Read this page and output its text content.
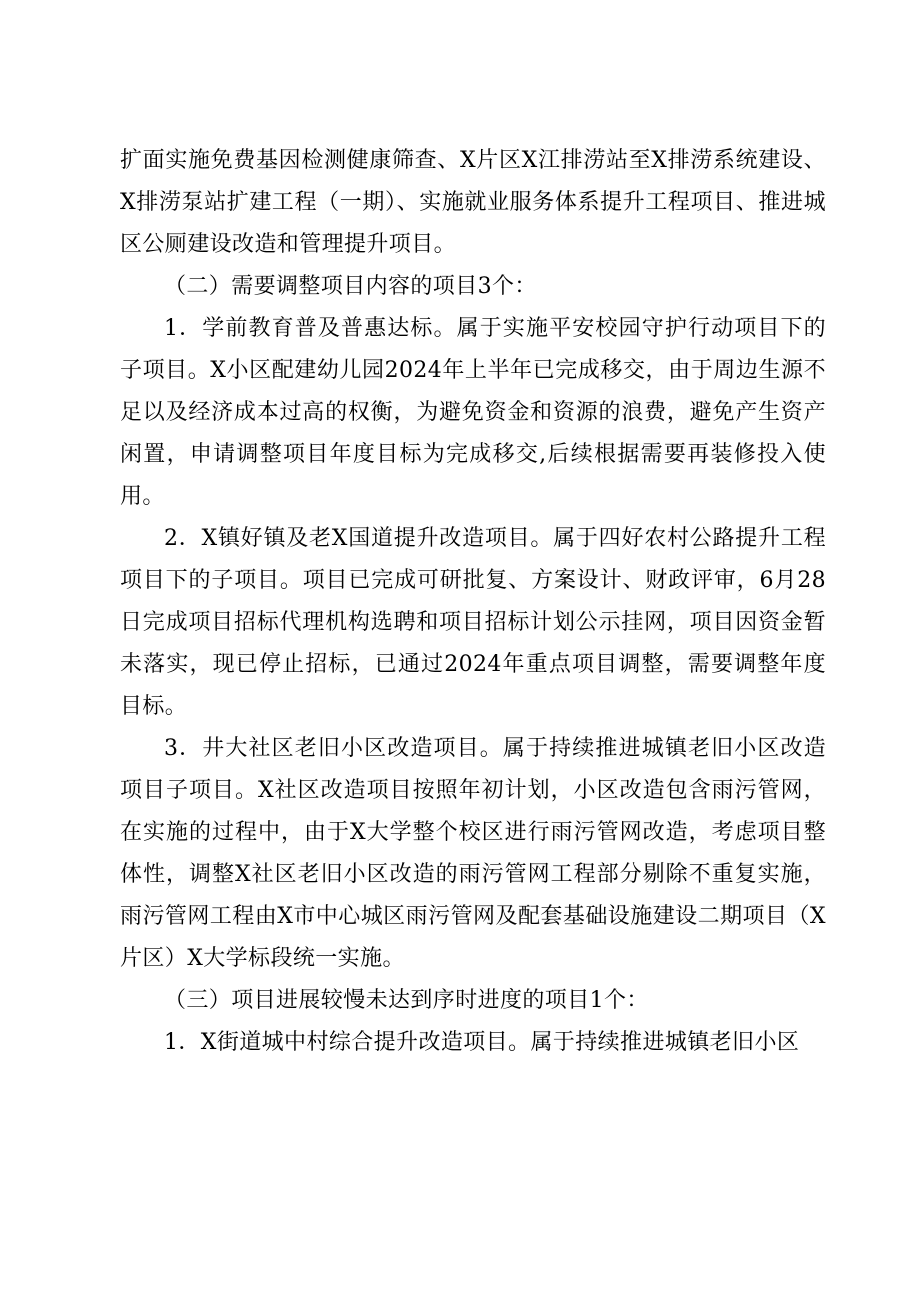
扩面实施免费基因检测健康筛查、X片区X江排涝站至X排涝系统建设、X排涝泵站扩建工程（一期）、实施就业服务体系提升工程项目、推进城区公厕建设改造和管理提升项目。

（二）需要调整项目内容的项目3个：

1．学前教育普及普惠达标。属于实施平安校园守护行动项目下的子项目。X小区配建幼儿园2024年上半年已完成移交，由于周边生源不足以及经济成本过高的权衡，为避免资金和资源的浪费，避免产生资产闲置，申请调整项目年度目标为完成移交,后续根据需要再装修投入使用。

2．X镇好镇及老X国道提升改造项目。属于四好农村公路提升工程项目下的子项目。项目已完成可研批复、方案设计、财政评审，6月28日完成项目招标代理机构选聘和项目招标计划公示挂网，项目因资金暂未落实，现已停止招标，已通过2024年重点项目调整，需要调整年度目标。

3．井大社区老旧小区改造项目。属于持续推进城镇老旧小区改造项目子项目。X社区改造项目按照年初计划，小区改造包含雨污管网，在实施的过程中，由于X大学整个校区进行雨污管网改造，考虑项目整体性，调整X社区老旧小区改造的雨污管网工程部分剔除不重复实施，雨污管网工程由X市中心城区雨污管网及配套基础设施建设二期项目（X片区）X大学标段统一实施。

（三）项目进展较慢未达到序时进度的项目1个：

1．X街道城中村综合提升改造项目。属于持续推进城镇老旧小区
